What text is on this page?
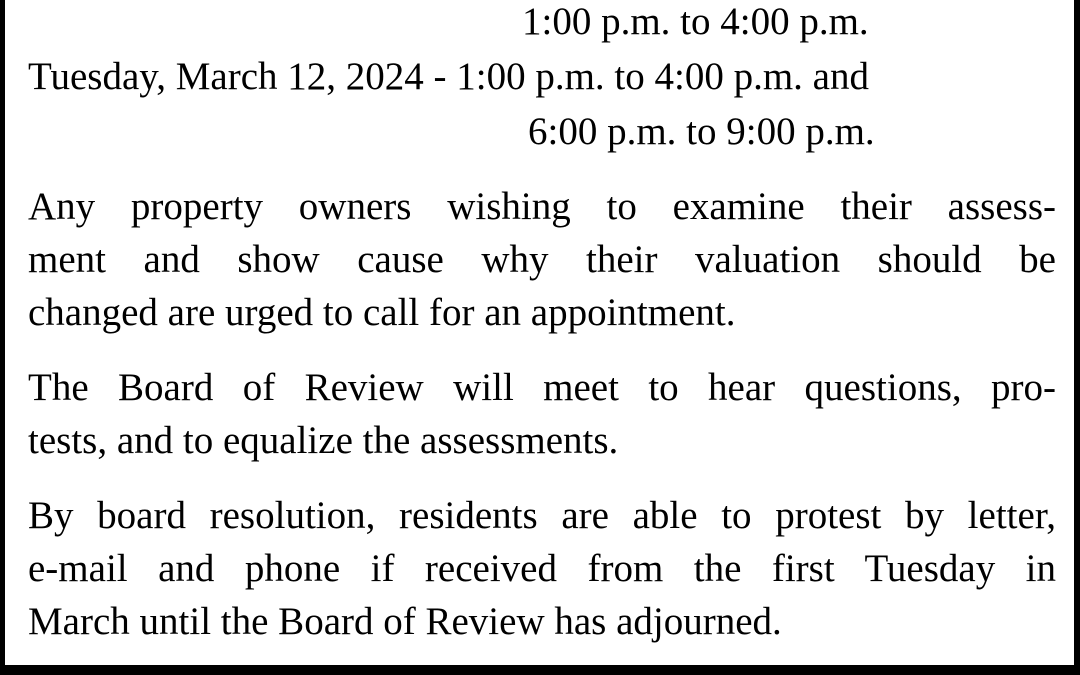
1:00 p.m. to 4:00 p.m.

Tuesday, March 12, 2024 - 1:00 p.m. to 4:00 p.m. and

6:00 p.m. to 9:00 p.m.

Any property owners wishing to examine their assess-

ment and show cause why their valuation should be

changed are urged to call for an appointment.

The Board of Review will meet to hear questions, pro-

tests, and to equalize the assessments.

By board resolution, residents are able to protest by letter,

e-mail and phone if received from the first Tuesday in

March until the Board of Review has adjourned.
